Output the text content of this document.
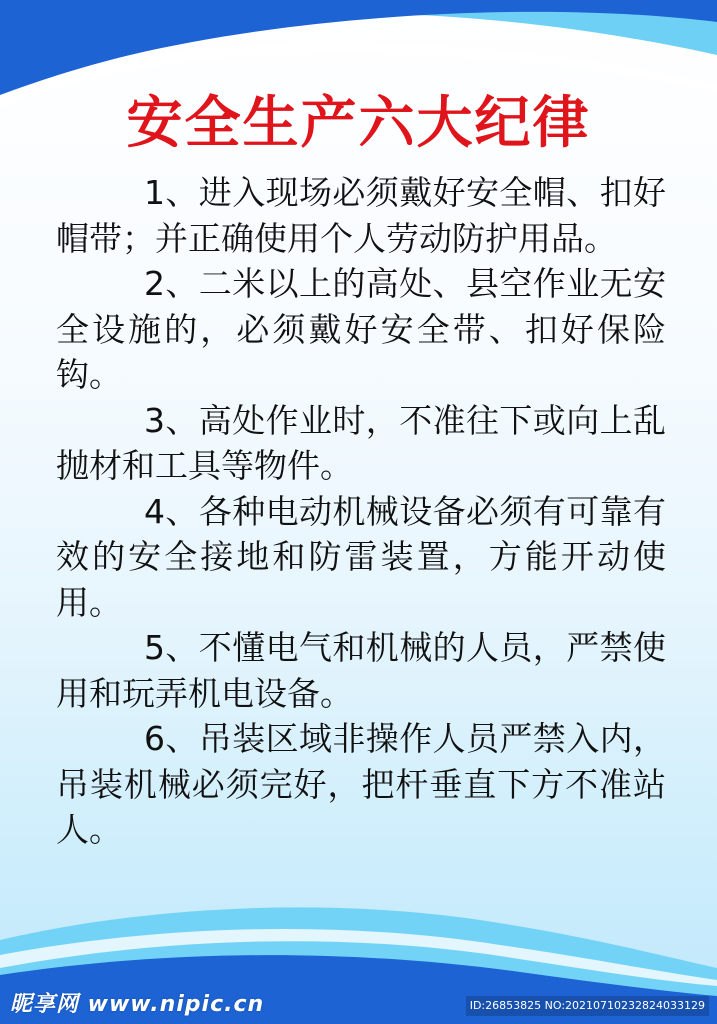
安全生产六大纪律

1、进入现场必须戴好安全帽、扣好帽带；并正确使用个人劳动防护用品。

2、二米以上的高处、县空作业无安全设施的，必须戴好安全带、扣好保险钩。

3、高处作业时，不准往下或向上乱抛材和工具等物件。

4、各种电动机械设备必须有可靠有效的安全接地和防雷装置，方能开动使用。

5、不懂电气和机械的人员，严禁使用和玩弄机电设备。

6、吊装区域非操作人员严禁入内，吊装机械必须完好，把杆垂直下方不准站人。

昵享网 www.nipic.cn	ID:26853825 NO:20210710232824033129
